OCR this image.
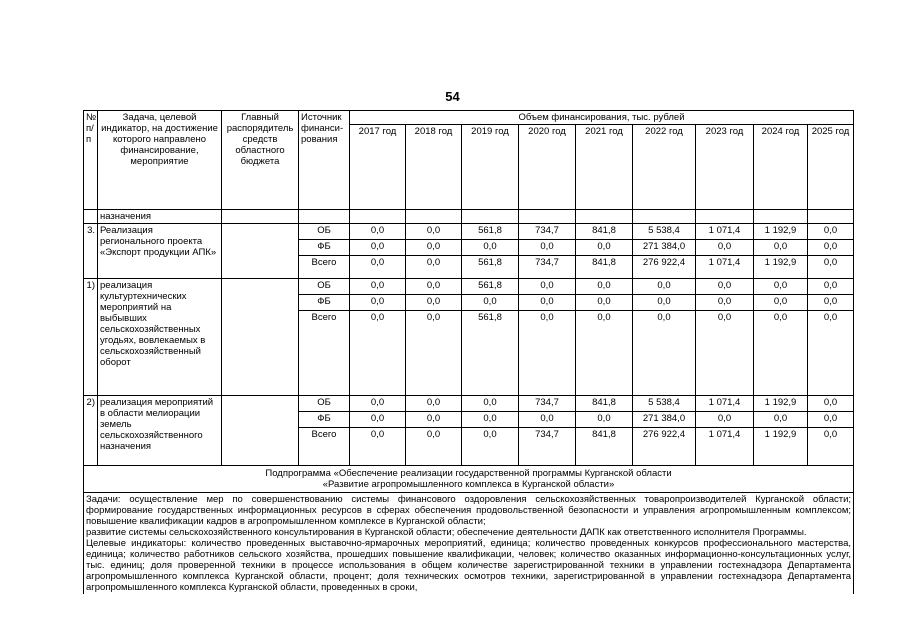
54
№ п/п	Задача, целевой индикатор, на достижение которого направлено финансирование, мероприятие	Главный распорядитель средств областного бюджета	Источник финанси-рования	Объем финансирования, тыс. рублей								
				2017 год	2018 год	2019 год	2020 год	2021 год	2022 год	2023 год	2024 год	2025 год
	назначения											
3.	Реализация регионального проекта «Экспорт продукции АПК»		ОБ	0,0	0,0	561,8	734,7	841,8	5 538,4	1 071,4	1 192,9	0,0
			ФБ	0,0	0,0	0,0	0,0	0,0	271 384,0	0,0	0,0	0,0
			Всего	0,0	0,0	561,8	734,7	841,8	276 922,4	1 071,4	1 192,9	0,0
1)	реализация культуртехнических мероприятий на выбывших сельскохозяйственных угодьях, вовлекаемых в сельскохозяйственный оборот		ОБ	0,0	0,0	561,8	0,0	0,0	0,0	0,0	0,0	0,0
			ФБ	0,0	0,0	0,0	0,0	0,0	0,0	0,0	0,0	0,0
			Всего	0,0	0,0	561,8	0,0	0,0	0,0	0,0	0,0	0,0
2)	реализация мероприятий в области мелиорации земель сельскохозяйственного назначения		ОБ	0,0	0,0	0,0	734,7	841,8	5 538,4	1 071,4	1 192,9	0,0
			ФБ	0,0	0,0	0,0	0,0	0,0	271 384,0	0,0	0,0	0,0
			Всего	0,0	0,0	0,0	734,7	841,8	276 922,4	1 071,4	1 192,9	0,0

Подпрограмма «Обеспечение реализации государственной программы Курганской области
«Развитие агропромышленного комплекса в Курганской области»												

Задачи: осуществление мер по совершенствованию системы финансового оздоровления сельскохозяйственных товаропроизводителей Курганской области; формирование государственных информационных ресурсов в сферах обеспечения продовольственной безопасности и управления агропромышленным комплексом; повышение квалификации кадров в агропромышленном комплексе в Курганской области;
развитие системы сельскохозяйственного консультирования в Курганской области; обеспечение деятельности ДАПК как ответственного исполнителя Программы.
Целевые индикаторы: количество проведенных выставочно-ярмарочных мероприятий, единица; количество проведенных конкурсов профессионального мастерства, единица; количество работников сельского хозяйства, прошедших повышение квалификации, человек; количество оказанных информационно-консультационных услуг, тыс. единиц; доля проверенной техники в процессе использования в общем количестве зарегистрированной техники в управлении гостехнадзора Департамента агропромышленного комплекса Курганской области, процент; доля технических осмотров техники, зарегистрированной в управлении гостехнадзора Департамента агропромышленного комплекса Курганской области, проведенных в сроки,												
